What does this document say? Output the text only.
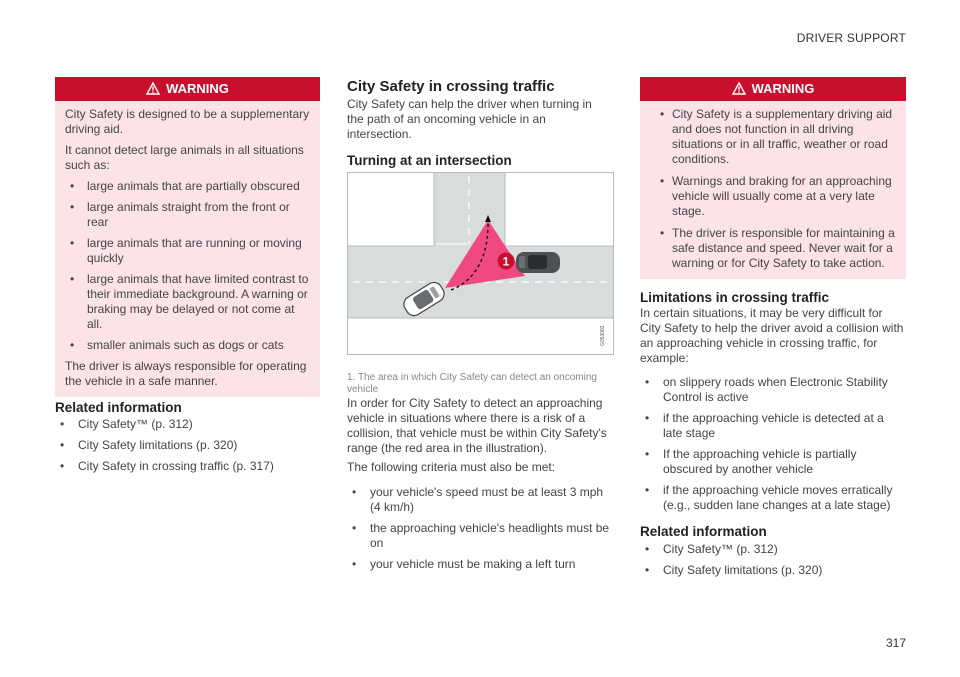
DRIVER SUPPORT
WARNING

City Safety is designed to be a supplementary driving aid.

It cannot detect large animals in all situations such as:

• large animals that are partially obscured
• large animals straight from the front or rear
• large animals that are running or moving quickly
• large animals that have limited contrast to their immediate background. A warning or braking may be delayed or not come at all.
• smaller animals such as dogs or cats

The driver is always responsible for operating the vehicle in a safe manner.

Related information
• City Safety™ (p. 312)
• City Safety limitations (p. 320)
• City Safety in crossing traffic (p. 317)
City Safety in crossing traffic

City Safety can help the driver when turning in the path of an oncoming vehicle in an intersection.

Turning at an intersection
1
G053083

1. The area in which City Safety can detect an oncoming vehicle

In order for City Safety to detect an approaching vehicle in situations where there is a risk of a collision, that vehicle must be within City Safety's range (the red area in the illustration).

The following criteria must also be met:

• your vehicle's speed must be at least 3 mph (4 km/h)
• the approaching vehicle's headlights must be on
• your vehicle must be making a left turn
WARNING
• City Safety is a supplementary driving aid and does not function in all driving situations or in all traffic, weather or road conditions.
• Warnings and braking for an approaching vehicle will usually come at a very late stage.
• The driver is responsible for maintaining a safe distance and speed. Never wait for a warning or for City Safety to take action.
Limitations in crossing traffic

In certain situations, it may be very difficult for City Safety to help the driver avoid a collision with an approaching vehicle in crossing traffic, for example:

• on slippery roads when Electronic Stability Control is active
• if the approaching vehicle is detected at a late stage
• If the approaching vehicle is partially obscured by another vehicle
• if the approaching vehicle moves erratically (e.g., sudden lane changes at a late stage)
Related information
• City Safety™ (p. 312)
• City Safety limitations (p. 320)
317
